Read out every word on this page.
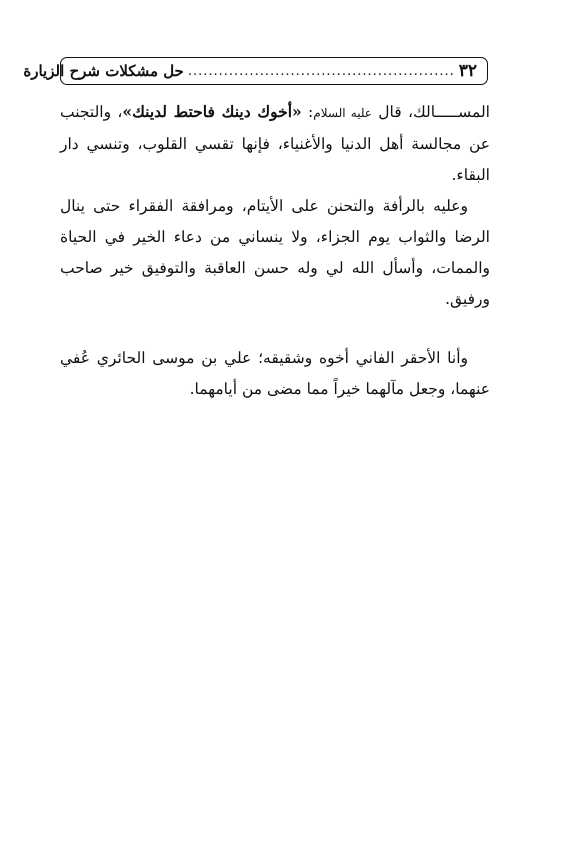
٣٢
....................................................
حل مشكلات شرح الزيارة

المســـــالك، قال عليه السلام: «أخوك دينك فاحتط لدينك»، والتجنب عن مجالسة أهل الدنيا والأغنياء، فإنها تقسي القلوب، وتنسي دار البقاء.

وعليه بالرأفة والتحنن على الأيتام، ومرافقة الفقراء حتى ينال الرضا والثواب يوم الجزاء، ولا ينساني من دعاء الخير في الحياة والممات، وأسأل الله لي وله حسن العاقبة والتوفيق خير صاحب ورفيق.

وأنا الأحقر الفاني أخوه وشقيقه؛ علي بن موسى الحائري عُفي عنهما، وجعل مآلهما خيراً مما مضى من أيامهما.
